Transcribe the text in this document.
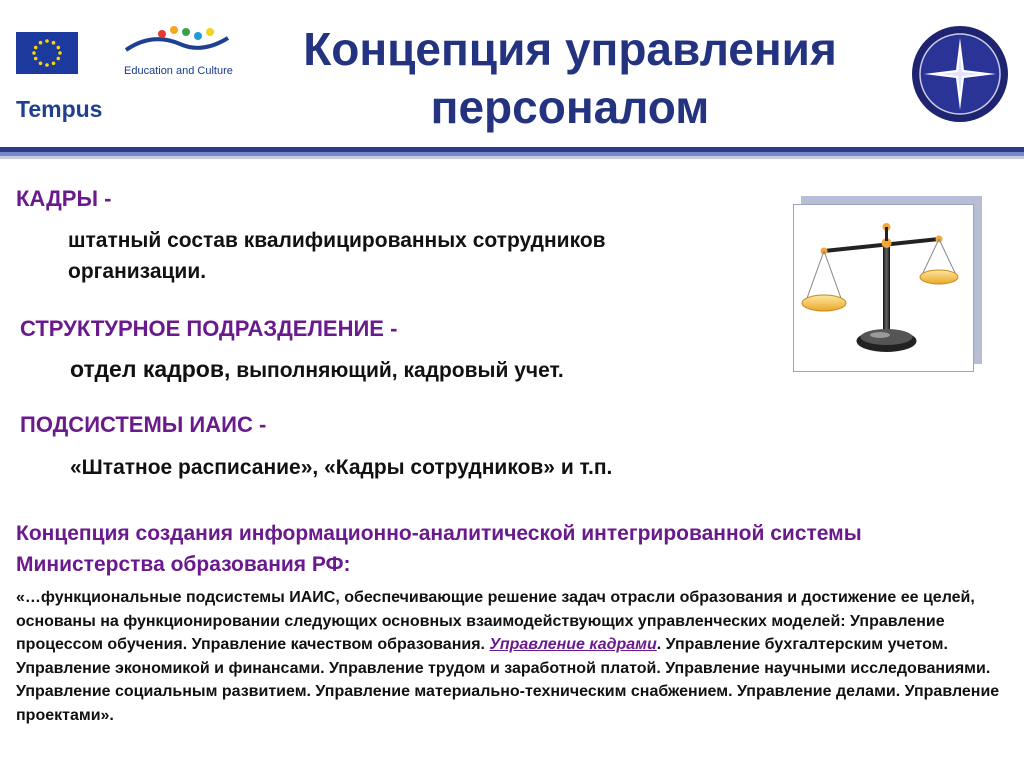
Education and Culture
Tempus
Концепция управления персоналом
КАДРЫ -
штатный состав квалифицированных сотрудников организации.
СТРУКТУРНОЕ ПОДРАЗДЕЛЕНИЕ -
отдел кадров, выполняющий, кадровый учет.
ПОДСИСТЕМЫ ИАИС -
«Штатное расписание», «Кадры сотрудников» и т.п.
Концепция создания информационно-аналитической интегрированной системы Министерства образования РФ:
«…функциональные подсистемы ИАИС, обеспечивающие решение задач отрасли образования и достижение ее целей, основаны на функционировании следующих основных взаимодействующих управленческих моделей: Управление процессом обучения. Управление качеством образования. Управление кадрами. Управление бухгалтерским учетом. Управление экономикой и финансами. Управление трудом и заработной платой. Управление научными исследованиями. Управление социальным развитием. Управление материально-техническим снабжением. Управление делами. Управление проектами».
